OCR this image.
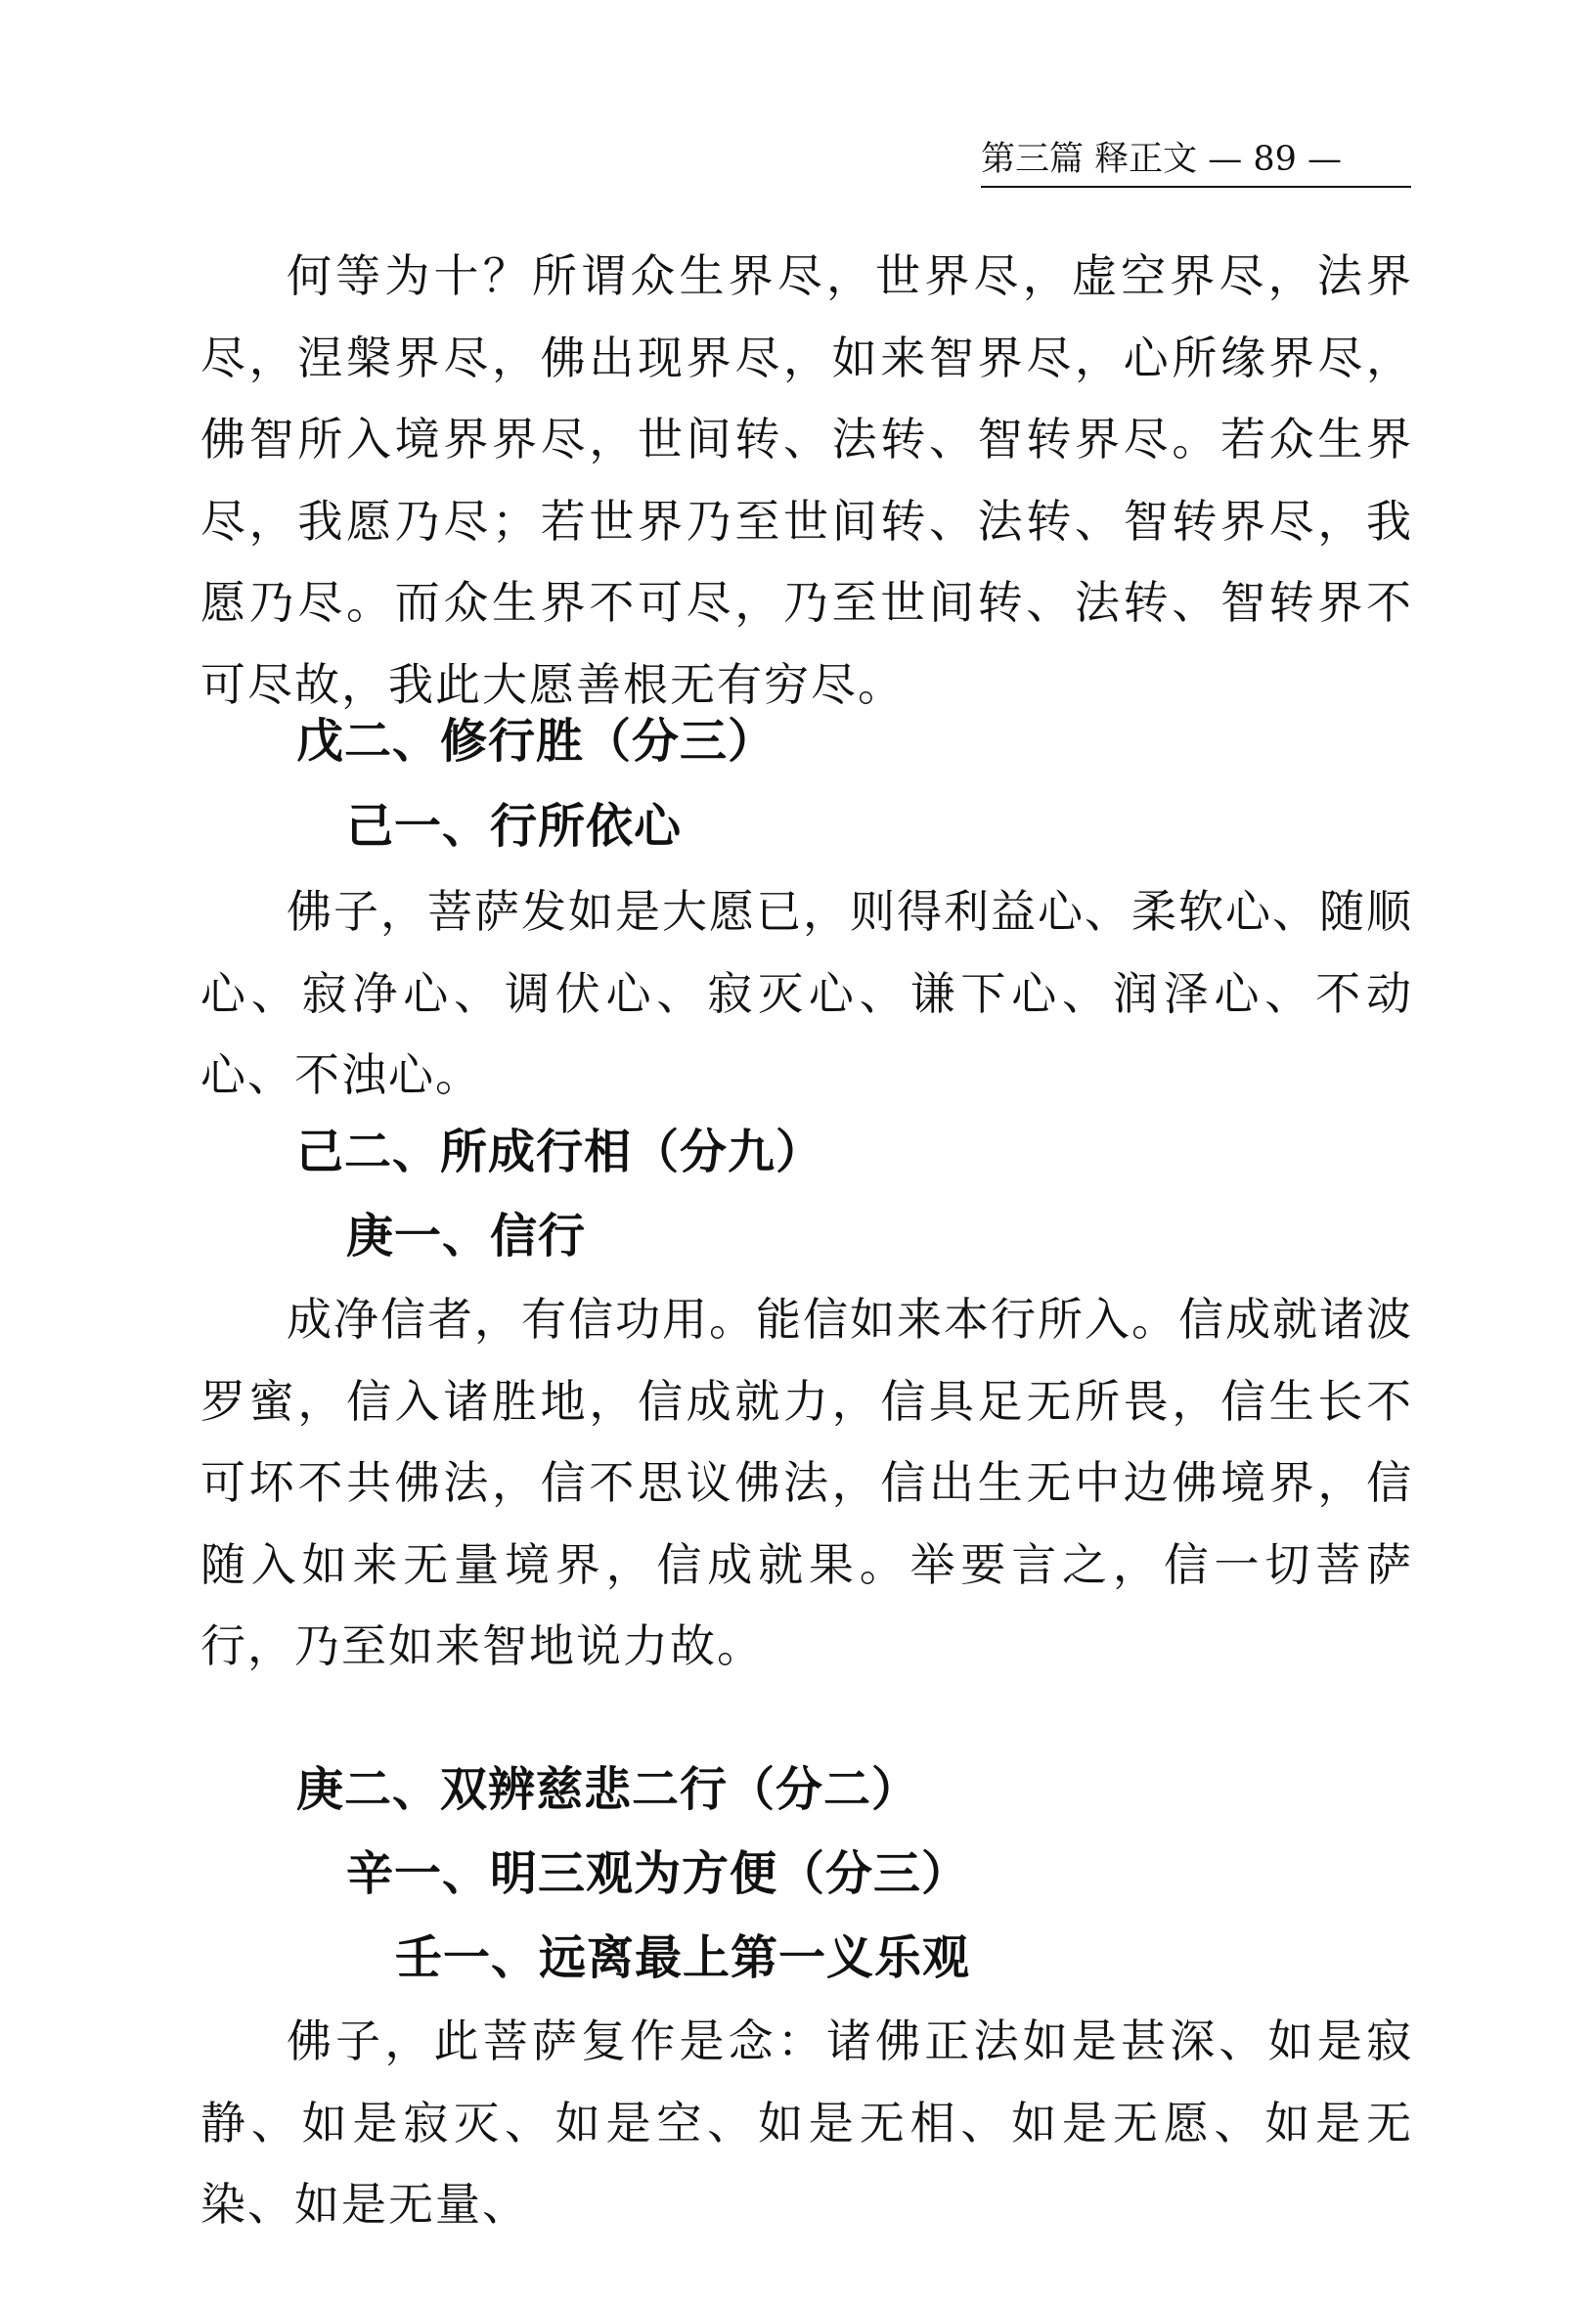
第三篇 释正文 — 89 —
何等为十？所谓众生界尽，世界尽，虚空界尽，法界尽，涅槃界尽，佛出现界尽，如来智界尽，心所缘界尽，佛智所入境界界尽，世间转、法转、智转界尽。若众生界尽，我愿乃尽；若世界乃至世间转、法转、智转界尽，我愿乃尽。而众生界不可尽，乃至世间转、法转、智转界不可尽故，我此大愿善根无有穷尽。
戊二、修行胜（分三）
己一、行所依心
佛子，菩萨发如是大愿已，则得利益心、柔软心、随顺心、寂净心、调伏心、寂灭心、谦下心、润泽心、不动心、不浊心。
己二、所成行相（分九）
庚一、信行
成净信者，有信功用。能信如来本行所入。信成就诸波罗蜜，信入诸胜地，信成就力，信具足无所畏，信生长不可坏不共佛法，信不思议佛法，信出生无中边佛境界，信随入如来无量境界，信成就果。举要言之，信一切菩萨行，乃至如来智地说力故。
庚二、双辨慈悲二行（分二）
辛一、明三观为方便（分三）
壬一、远离最上第一义乐观
佛子，此菩萨复作是念：诸佛正法如是甚深、如是寂静、如是寂灭、如是空、如是无相、如是无愿、如是无染、如是无量、
